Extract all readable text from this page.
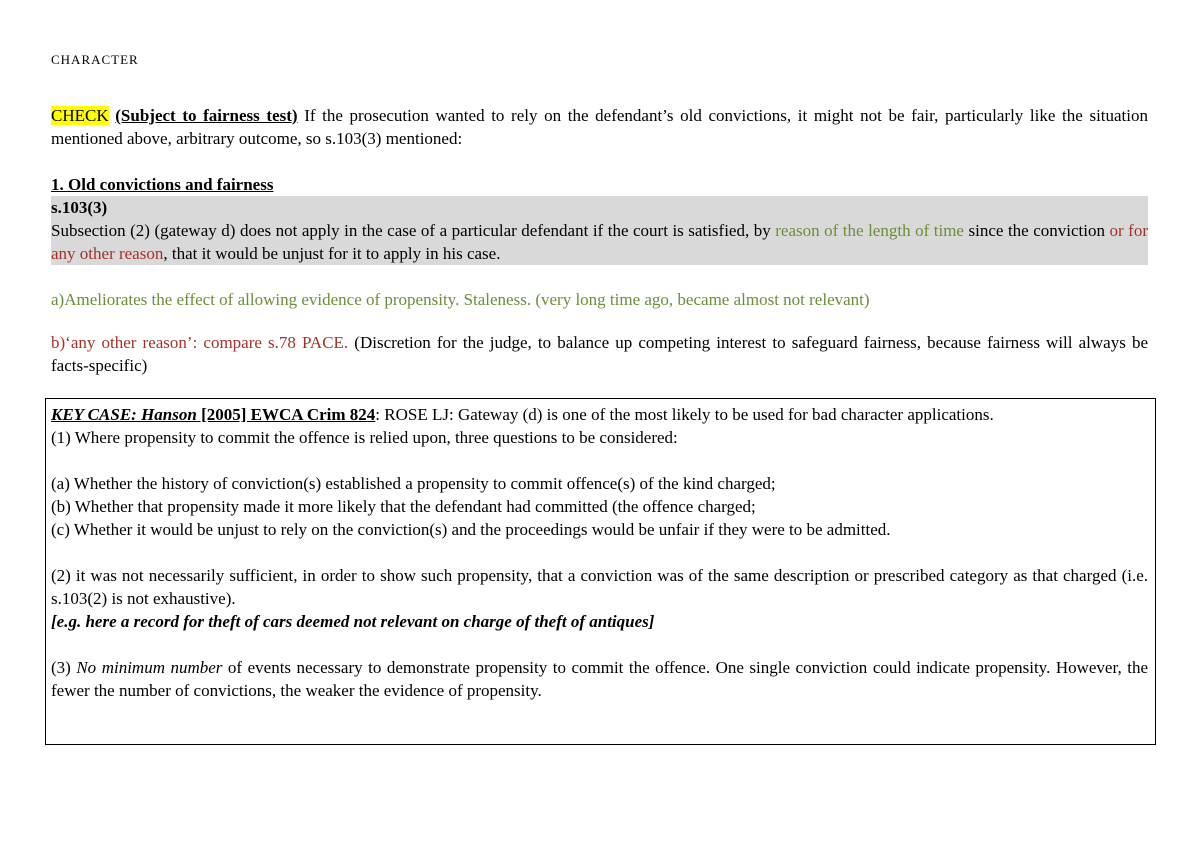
CHARACTER
CHECK (Subject to fairness test) If the prosecution wanted to rely on the defendant’s old convictions, it might not be fair, particularly like the situation mentioned above, arbitrary outcome, so s.103(3) mentioned:
1. Old convictions and fairness
s.103(3)
Subsection (2) (gateway d) does not apply in the case of a particular defendant if the court is satisfied, by reason of the length of time since the conviction or for any other reason, that it would be unjust for it to apply in his case.
a)Ameliorates the effect of allowing evidence of propensity. Staleness. (very long time ago, became almost not relevant)
b)‘any other reason’: compare s.78 PACE. (Discretion for the judge, to balance up competing interest to safeguard fairness, because fairness will always be facts-specific)
KEY CASE: Hanson [2005] EWCA Crim 824: ROSE LJ: Gateway (d) is one of the most likely to be used for bad character applications.
(1) Where propensity to commit the offence is relied upon, three questions to be considered:
(a) Whether the history of conviction(s) established a propensity to commit offence(s) of the kind charged;
(b) Whether that propensity made it more likely that the defendant had committed (the offence charged;
(c) Whether it would be unjust to rely on the conviction(s) and the proceedings would be unfair if they were to be admitted.
(2) it was not necessarily sufficient, in order to show such propensity, that a conviction was of the same description or prescribed category as that charged (i.e. s.103(2) is not exhaustive).
[e.g. here a record for theft of cars deemed not relevant on charge of theft of antiques]
(3) No minimum number of events necessary to demonstrate propensity to commit the offence. One single conviction could indicate propensity. However, the fewer the number of convictions, the weaker the evidence of propensity.
